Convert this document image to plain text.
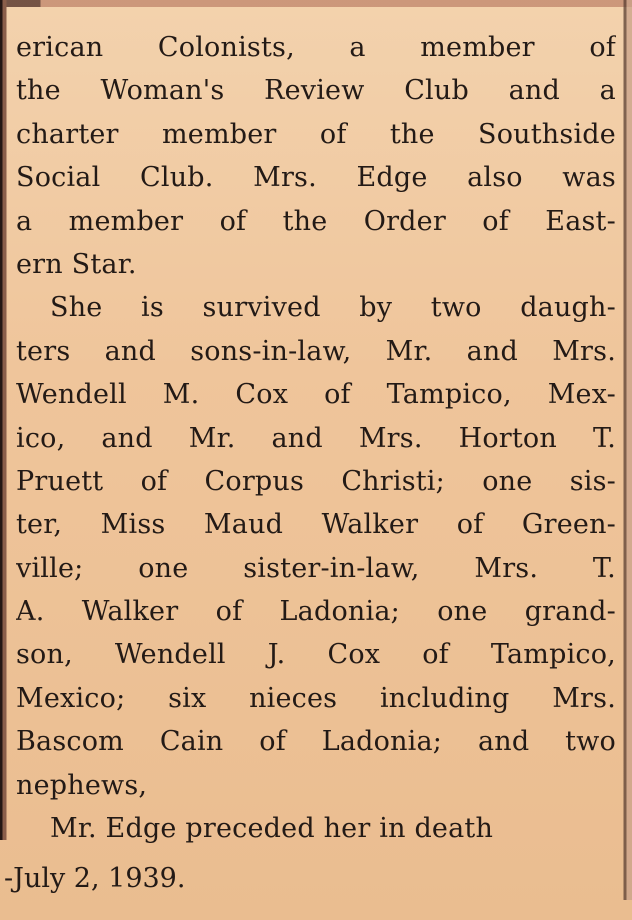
erican Colonists, a member of
the Woman's Review Club and a
charter member of the Southside
Social Club. Mrs. Edge also was
a member of the Order of East-
ern Star.
She is survived by two daugh-
ters and sons-in-law, Mr. and Mrs.
Wendell M. Cox of Tampico, Mex-
ico, and Mr. and Mrs. Horton T.
Pruett of Corpus Christi; one sis-
ter, Miss Maud Walker of Green-
ville; one sister-in-law, Mrs. T.
A. Walker of Ladonia; one grand-
son, Wendell J. Cox of Tampico,
Mexico; six nieces including Mrs.
Bascom Cain of Ladonia; and two
nephews,
Mr. Edge preceded her in death
-July 2, 1939.
